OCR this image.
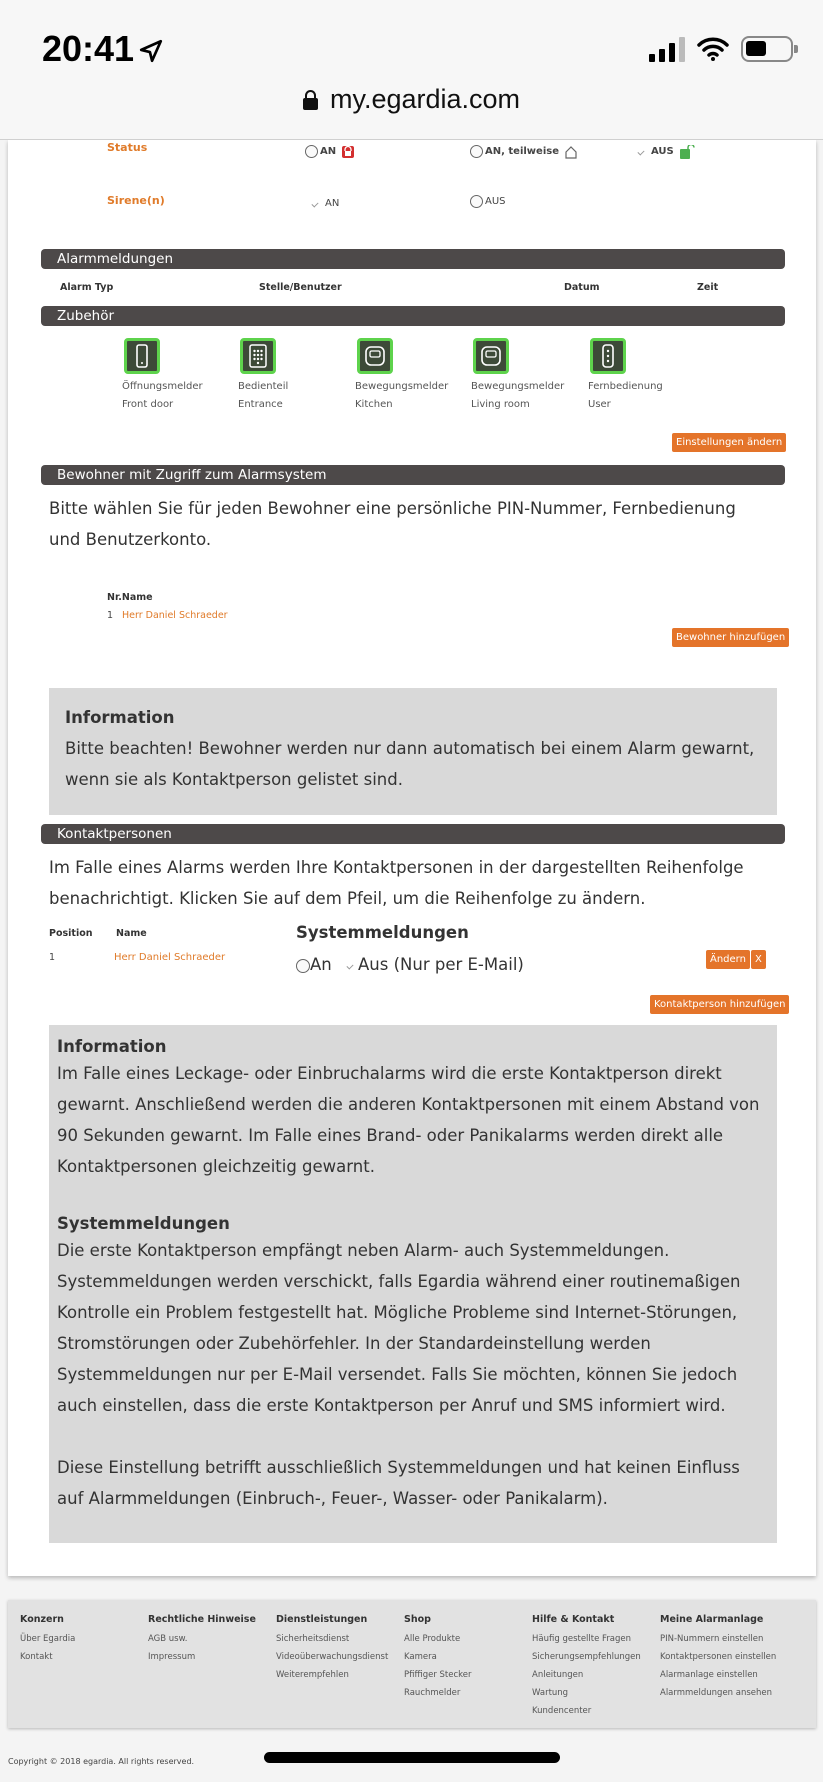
20:41
my.egardia.com
Status	AN	AN, teilweise	AUS
Sirene(n)	AN	AUS
Alarmmeldungen
Alarm Typ	Stelle/Benutzer	Datum	Zeit
Zubehör
Öffnungsmelder
Front door
Bedienteil
Entrance
Bewegungsmelder
Kitchen
Bewegungsmelder
Living room
Fernbedienung
User
Einstellungen ändern
Bewohner mit Zugriff zum Alarmsystem
Bitte wählen Sie für jeden Bewohner eine persönliche PIN-Nummer, Fernbedienung und Benutzerkonto.
Nr.Name
1 Herr Daniel Schraeder
Bewohner hinzufügen
Information
Bitte beachten! Bewohner werden nur dann automatisch bei einem Alarm gewarnt, wenn sie als Kontaktperson gelistet sind.
Kontaktpersonen
Im Falle eines Alarms werden Ihre Kontaktpersonen in der dargestellten Reihenfolge benachrichtigt. Klicken Sie auf dem Pfeil, um die Reihenfolge zu ändern.
Position Name	Systemmeldungen
1	Herr Daniel Schraeder	An	Aus (Nur per E-Mail)	Ändern X
Kontaktperson hinzufügen
Information
Im Falle eines Leckage- oder Einbruchalarms wird die erste Kontaktperson direkt gewarnt. Anschließend werden die anderen Kontaktpersonen mit einem Abstand von 90 Sekunden gewarnt. Im Falle eines Brand- oder Panikalarms werden direkt alle Kontaktpersonen gleichzeitig gewarnt.
Systemmeldungen
Die erste Kontaktperson empfängt neben Alarm- auch Systemmeldungen. Systemmeldungen werden verschickt, falls Egardia während einer routinemaßigen Kontrolle ein Problem festgestellt hat. Mögliche Probleme sind Internet-Störungen, Stromstörungen oder Zubehörfehler. In der Standardeinstellung werden Systemmeldungen nur per E-Mail versendet. Falls Sie möchten, können Sie jedoch auch einstellen, dass die erste Kontaktperson per Anruf und SMS informiert wird.
Diese Einstellung betrifft ausschließlich Systemmeldungen und hat keinen Einfluss auf Alarmmeldungen (Einbruch-, Feuer-, Wasser- oder Panikalarm).
Konzern
Über Egardia
Kontakt
Rechtliche Hinweise
AGB usw.
Impressum
Dienstleistungen
Sicherheitsdienst
Videoüberwachungsdienst
Weiterempfehlen
Shop
Alle Produkte
Kamera
Pfiffiger Stecker
Rauchmelder
Hilfe & Kontakt
Häufig gestellte Fragen
Sicherungsempfehlungen
Anleitungen
Wartung
Kundencenter
Meine Alarmanlage
PIN-Nummern einstellen
Kontaktpersonen einstellen
Alarmanlage einstellen
Alarmmeldungen ansehen
Copyright © 2018 egardia. All rights reserved.
